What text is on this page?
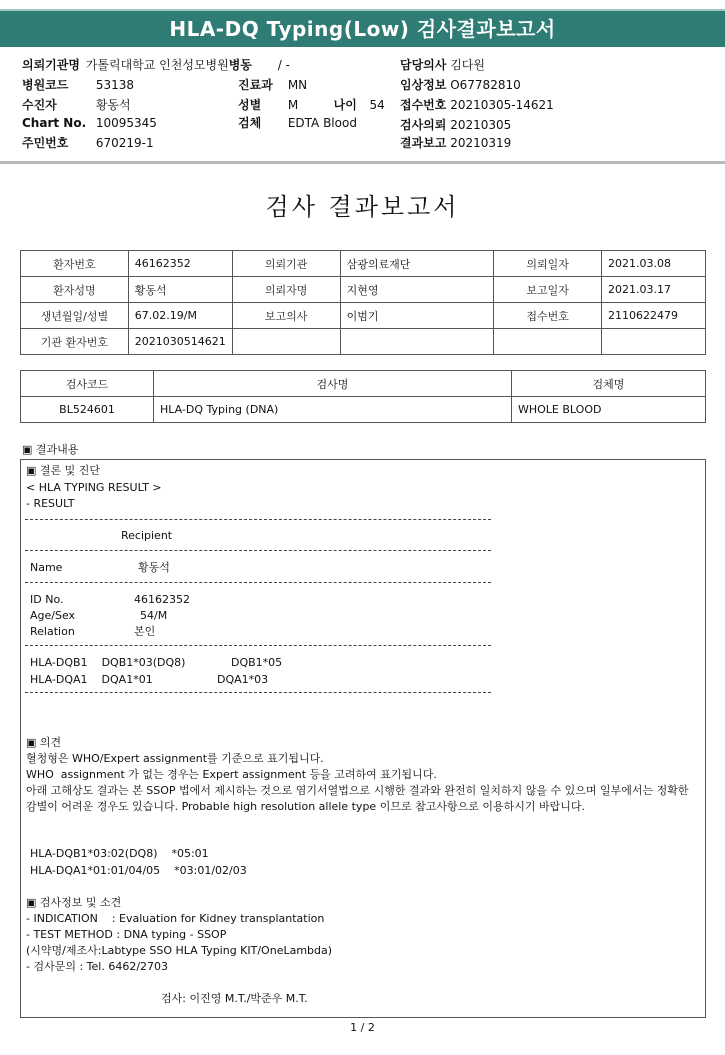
HLA-DQ Typing(Low) 검사결과보고서
의뢰기관명 가톨릭대학교 인천성모병원병동 / -	담당의사 김다원
병원코드 53138	진료과 MN	임상정보 O67782810
수진자	황동석	성별 M	나이 54 접수번호 20210305-14621
Chart No. 10095345	검체 EDTA Blood	검사의뢰 20210305
주민번호 670219-1	결과보고 20210319
검사 결과보고서
환자번호	46162352	의뢰기관	삼광의료재단	의뢰일자	2021.03.08
환자성명	황동석	의뢰자명	지현영	보고일자	2021.03.17
생년월일/성별	67.02.19/M	보고의사	이범기	접수번호	2110622479
기관 환자번호	2021030514621				
검사코드	검사명	검체명
BL524601	HLA-DQ Typing (DNA)	WHOLE BLOOD
▣ 결과내용
▣ 결론 및 진단
< HLA TYPING RESULT >
- RESULT
Recipient
Name	황동석
ID No.	46162352
Age/Sex	54/M
Relation	본인
HLA-DQB1    DQB1*03(DQ8)	DQB1*05
HLA-DQA1    DQA1*01	DQA1*03
▣ 의견
혈청형은 WHO/Expert assignment를 기준으로 표기됩니다.
WHO  assignment 가 없는 경우는 Expert assignment 등을 고려하여 표기됩니다.
아래 고해상도 결과는 본 SSOP 법에서 제시하는 것으로 염기서열법으로 시행한 결과와 완전히 일치하지 않을 수 있으며 일부에서는 정확한 감별이 어려운 경우도 있습니다. Probable high resolution allele type 이므로 참고사항으로 이용하시기 바랍니다.
HLA-DQB1*03:02(DQ8)    *05:01
HLA-DQA1*01:01/04/05    *03:01/02/03
▣ 검사정보 및 소견
- INDICATION    : Evaluation for Kidney transplantation
- TEST METHOD : DNA typing - SSOP
(시약명/제조사:Labtype SSO HLA Typing KIT/OneLambda)
- 검사문의 : Tel. 6462/2703
검사: 이진영 M.T./박준우 M.T.
1 / 2
